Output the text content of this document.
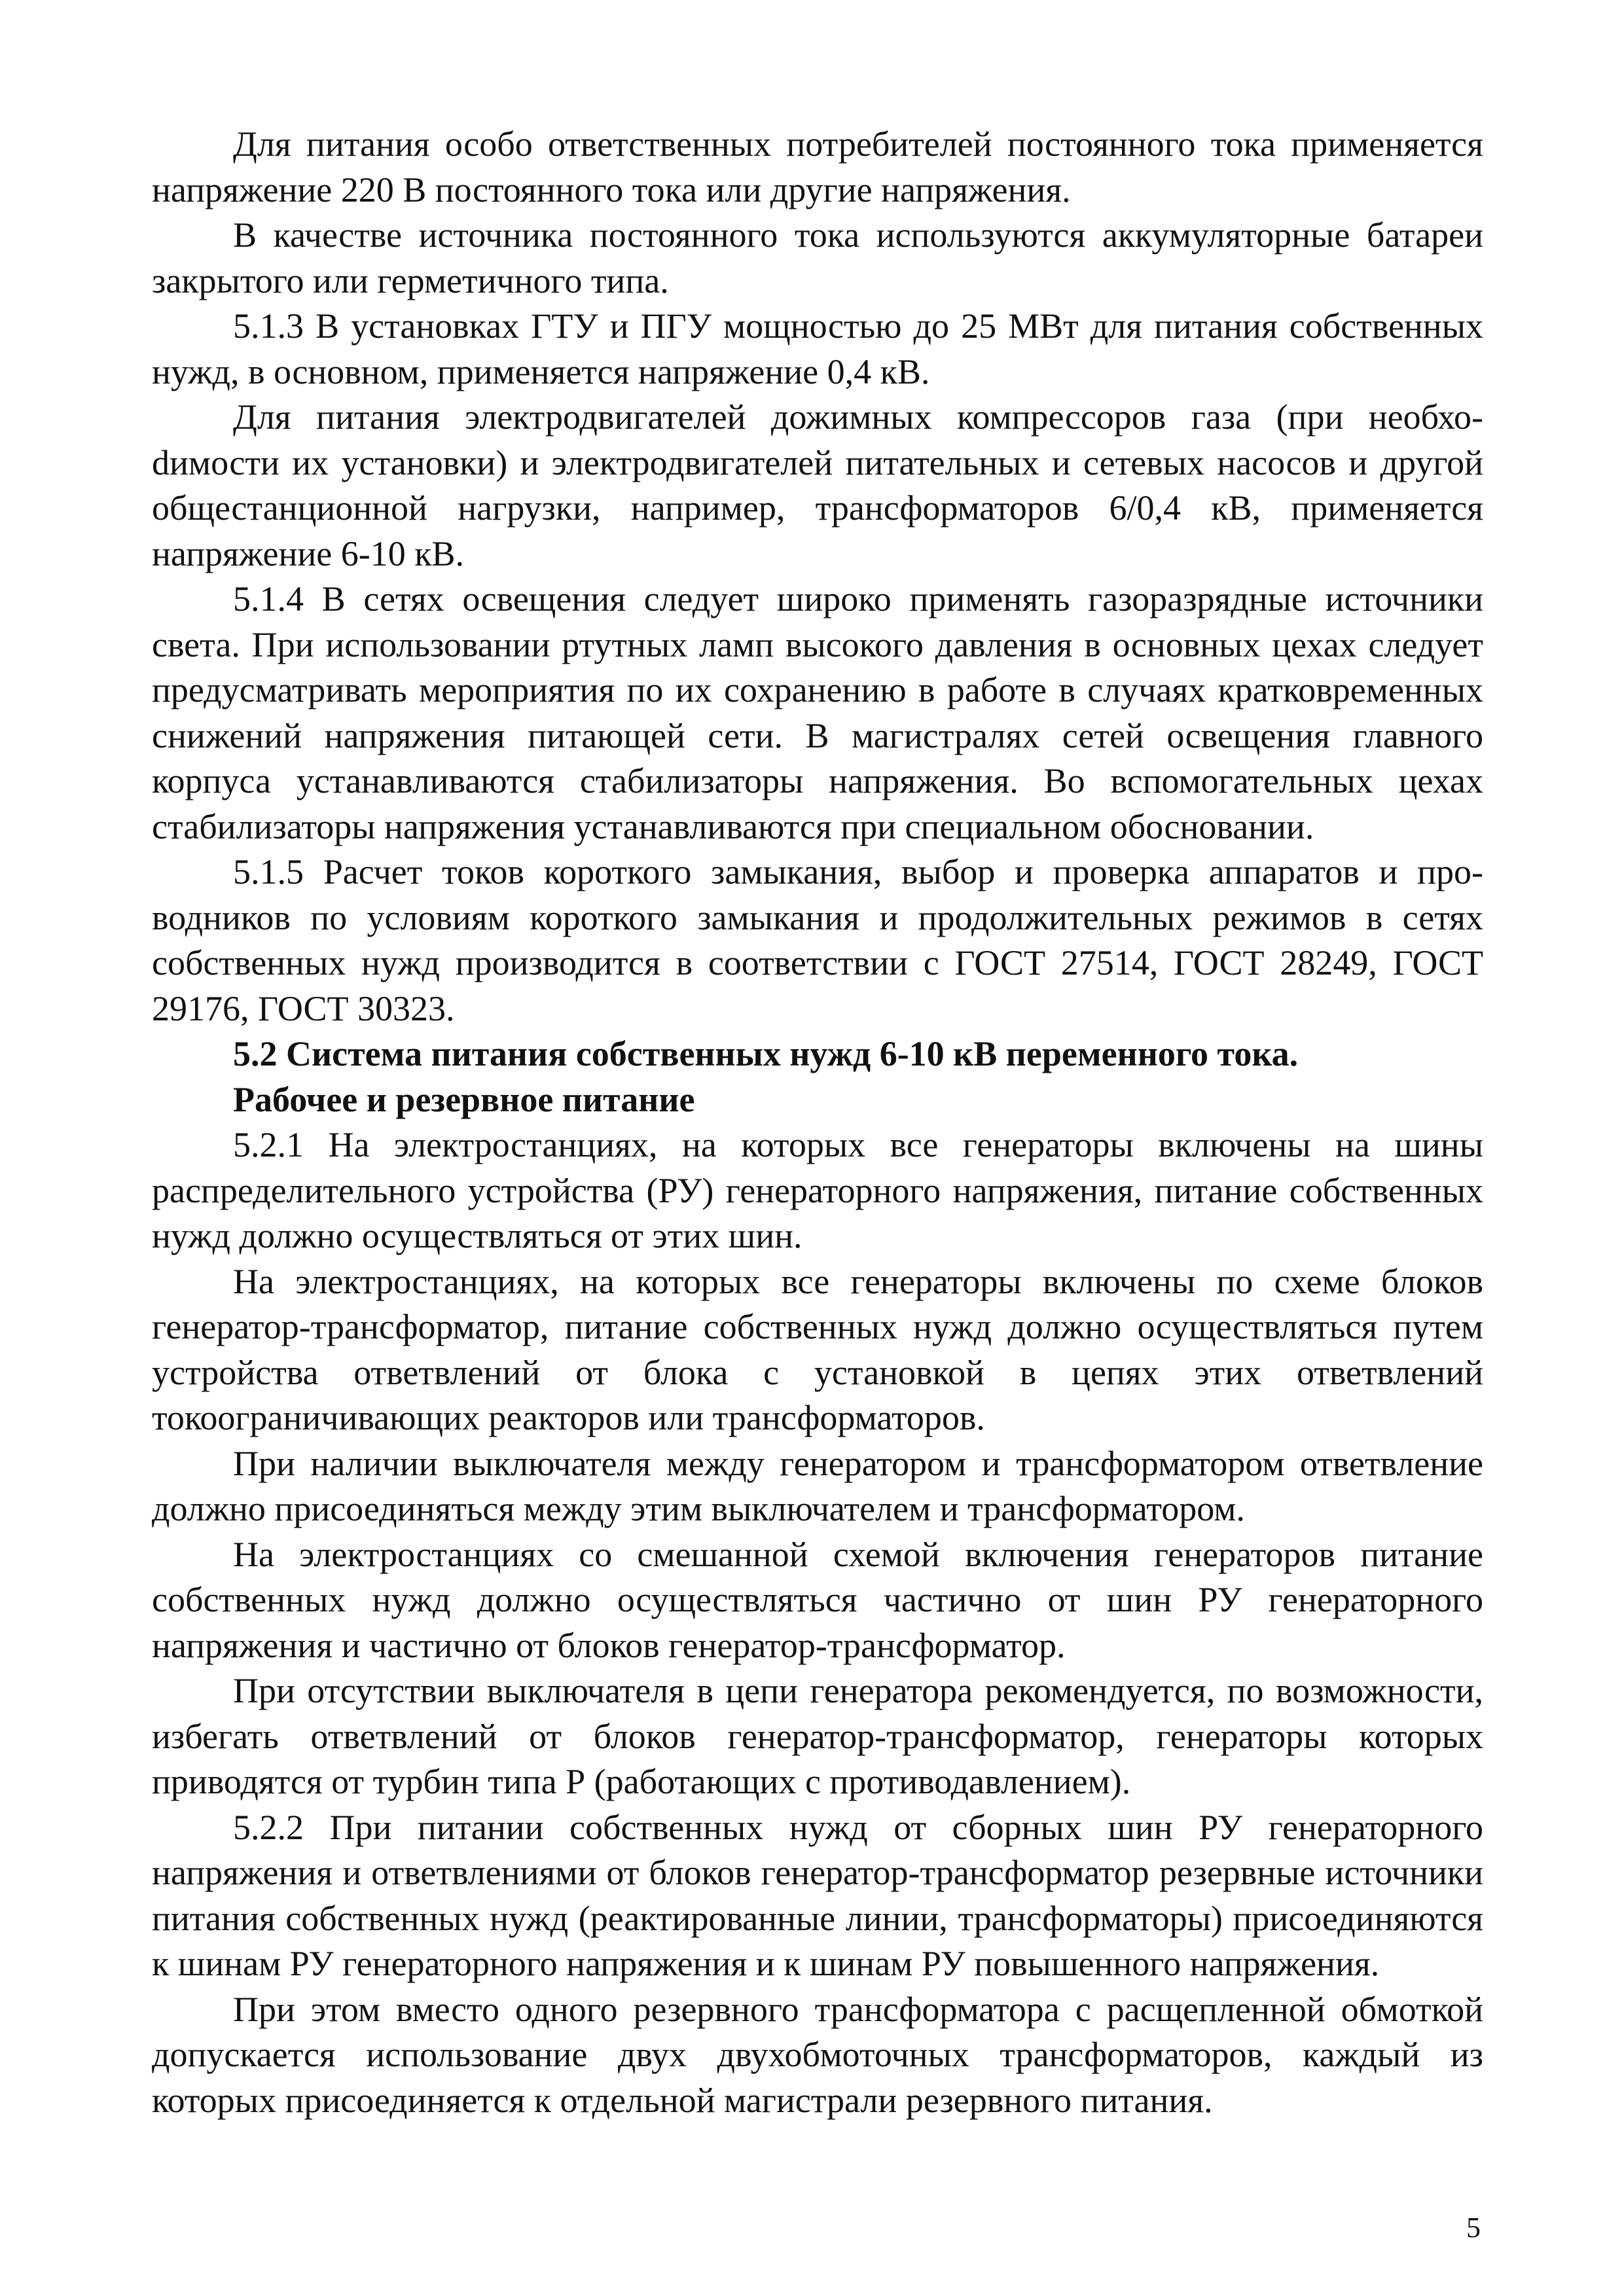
Для питания особо ответственных потребителей постоянного тока применяется напряжение 220 В постоянного тока или другие напряжения.

В качестве источника постоянного тока используются аккумуляторные батареи закрытого или герметичного типа.

5.1.3 В установках ГТУ и ПГУ мощностью до 25 МВт для питания собственных нужд, в основном, применяется напряжение 0,4 кВ.

Для питания электродвигателей дожимных компрессоров газа (при необхоdимости их установки) и электродвигателей питательных и сетевых насосов и другой общестанционной нагрузки, например, трансформаторов 6/0,4 кВ, применяется напряжение 6-10 кВ.

5.1.4 В сетях освещения следует широко применять газоразрядные источники света. При использовании ртутных ламп высокого давления в основных цехах следует предусматривать мероприятия по их сохранению в работе в случаях кратковременных снижений напряжения питающей сети. В магистралях сетей освещения главного корпуса устанавливаются стабилизаторы напряжения. Во вспомогательных цехах стабилизаторы напряжения устанавливаются при специальном обосновании.

5.1.5 Расчет токов короткого замыкания, выбор и проверка аппаратов и проводников по условиям короткого замыкания и продолжительных режимов в сетях собственных нужд производится в соответствии с ГОСТ 27514, ГОСТ 28249, ГОСТ 29176, ГОСТ 30323.

5.2 Система питания собственных нужд 6-10 кВ переменного тока.
Рабочее и резервное питание

5.2.1 На электростанциях, на которых все генераторы включены на шины распределительного устройства (РУ) генераторного напряжения, питание собственных нужд должно осуществляться от этих шин.

На электростанциях, на которых все генераторы включены по схеме блоков генератор-трансформатор, питание собственных нужд должно осуществляться путем устройства ответвлений от блока с установкой в цепях этих ответвлений токоограничивающих реакторов или трансформаторов.

При наличии выключателя между генератором и трансформатором ответвление должно присоединяться между этим выключателем и трансформатором.

На электростанциях со смешанной схемой включения генераторов питание собственных нужд должно осуществляться частично от шин РУ генераторного напряжения и частично от блоков генератор-трансформатор.

При отсутствии выключателя в цепи генератора рекомендуется, по возможности, избегать ответвлений от блоков генератор-трансформатор, генераторы которых приводятся от турбин типа Р (работающих с противодавлением).

5.2.2 При питании собственных нужд от сборных шин РУ генераторного напряжения и ответвлениями от блоков генератор-трансформатор резервные источники питания собственных нужд (реактированные линии, трансформаторы) присоединяются к шинам РУ генераторного напряжения и к шинам РУ повышенного напряжения.

При этом вместо одного резервного трансформатора с расщепленной обмоткой допускается использование двух двухобмоточных трансформаторов, каждый из которых присоединяется к отдельной магистрали резервного питания.

5
